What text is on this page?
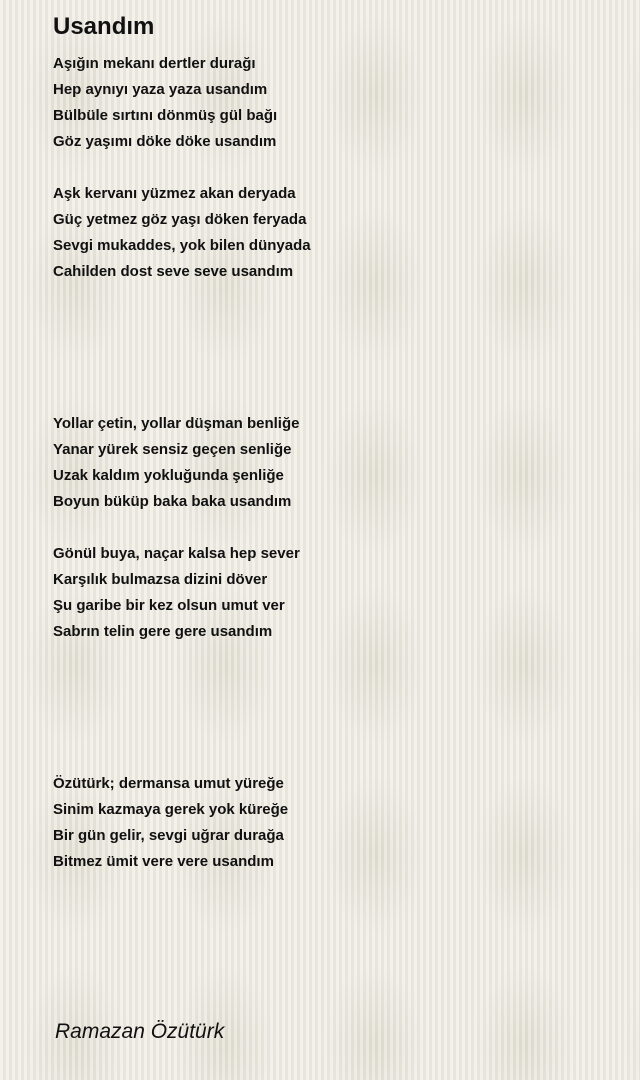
Usandım
Aşığın mekanı dertler durağı
Hep aynıyı yaza yaza usandım
Bülbüle sırtını dönmüş gül bağı
Göz yaşımı döke döke usandım
Aşk kervanı yüzmez akan deryada
Güç yetmez göz yaşı döken feryada
Sevgi mukaddes, yok bilen dünyada
Cahilden dost seve seve usandım
Yollar çetin, yollar düşman benliğe
Yanar yürek sensiz geçen senliğe
Uzak kaldım yokluğunda şenliğe
Boyun büküp baka baka usandım
Gönül buya, naçar kalsa hep sever
Karşılık bulmazsa dizini döver
Şu garibe bir kez olsun umut ver
Sabrın telin gere gere usandım
Özütürk; dermansa umut yüreğe
Sinim kazmaya gerek yok küreğe
Bir gün gelir, sevgi uğrar durağa
Bitmez ümit vere vere usandım

Ramazan Özütürk
